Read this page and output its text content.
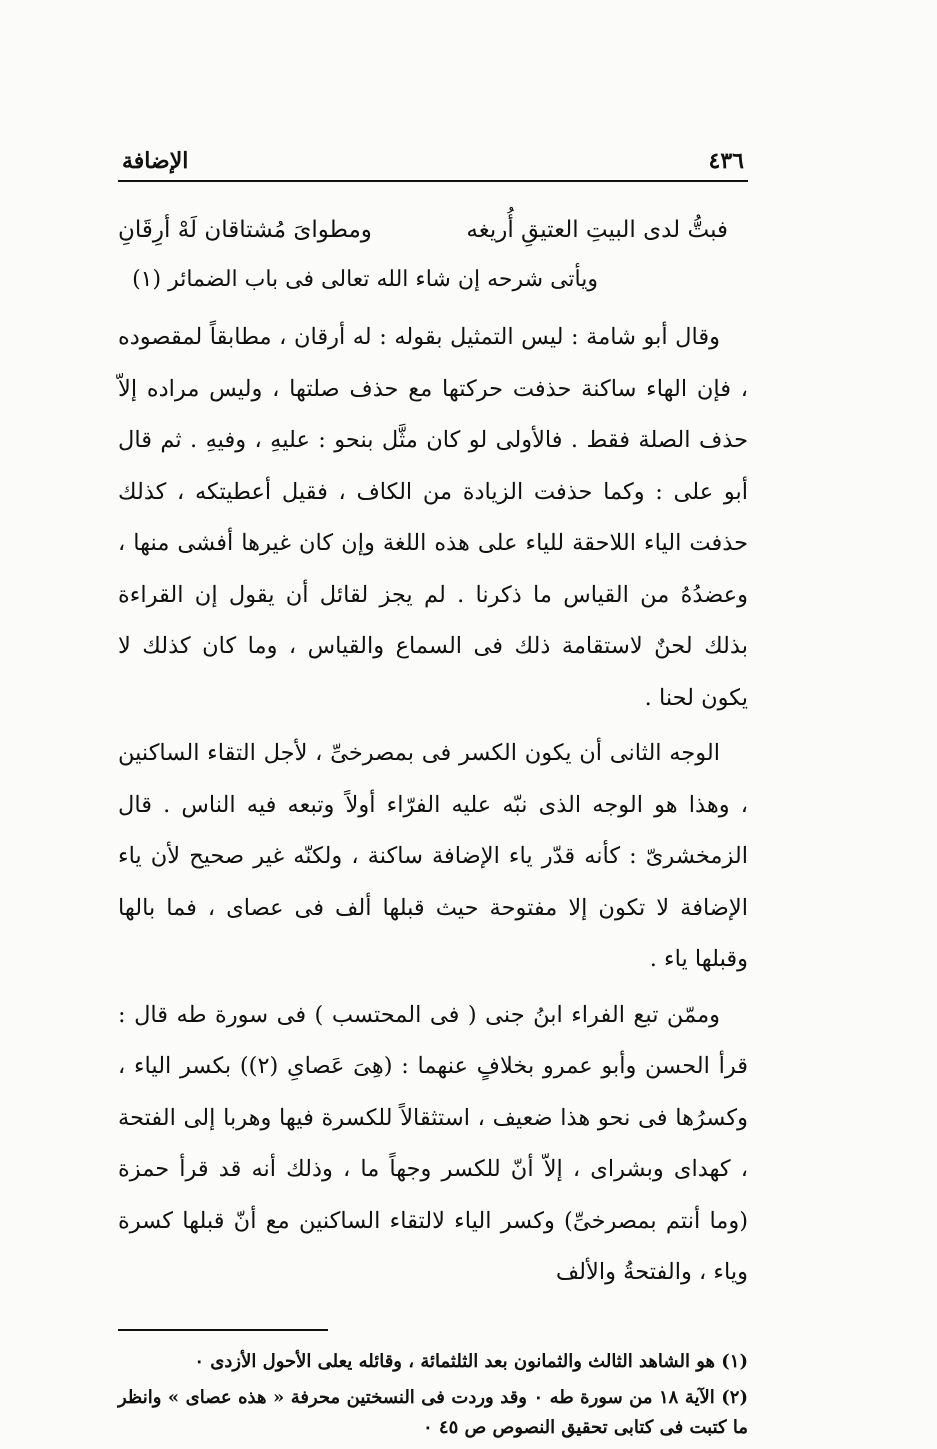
٤٣٦
الإضافة
فبتُّ لدى البيتِ العتيقِ أُريغه
ومطواىَ مُشتاقان لَهْ أرِقَانِ
ويأتى شرحه إن شاء الله تعالى فى باب الضمائر (١)

وقال أبو شامة : ليس التمثيل بقوله : له أرقان ، مطابقاً لمقصوده ، فإن الهاء ساكنة حذفت حركتها مع حذف صلتها ، وليس مراده إلاّ حذف الصلة فقط . فالأولى لو كان مثَّل بنحو : عليهِ ، وفيهِ . ثم قال أبو على : وكما حذفت الزيادة من الكاف ، فقيل أعطيتكه ، كذلك حذفت الياء اللاحقة للياء على هذه اللغة وإن كان غيرها أفشى منها ، وعضدُهُ من القياس ما ذكرنا . لم يجز لقائل أن يقول إن القراءة بذلك لحنٌ لاستقامة ذلك فى السماع والقياس ، وما كان كذلك لا يكون لحنا .

الوجه الثانى أن يكون الكسر فى بمصرخىِّ ، لأجل التقاء الساكنين ، وهذا هو الوجه الذى نبّه عليه الفرّاء أولاً وتبعه فيه الناس . قال الزمخشرىّ : كأنه قدّر ياء الإضافة ساكنة ، ولكنّه غير صحيح لأن ياء الإضافة لا تكون إلا مفتوحة حيث قبلها ألف فى عصاى ، فما بالها وقبلها ياء .

وممّن تبع الفراء ابنُ جنى ( فى المحتسب ) فى سورة طه قال : قرأ الحسن وأبو عمرو بخلافٍ عنهما : (هِىَ عَصاىِ (٢)) بكسر الياء ، وكسرُها فى نحو هذا ضعيف ، استثقالاً للكسرة فيها وهربا إلى الفتحة ، كهداى وبشراى ، إلاّ أنّ للكسر وجهاً ما ، وذلك أنه قد قرأ حمزة (وما أنتم بمصرخىِّ) وكسر الياء لالتقاء الساكنين مع أنّ قبلها كسرة وياء ، والفتحةُ والألف

(١) هو الشاهد الثالث والثمانون بعد الثلثمائة ، وقائله يعلى الأحول الأزدى ٠
(٢) الآية ١٨ من سورة طه ٠ وقد وردت فى النسختين محرفة « هذه عصاى » وانظر ما كتبت فى كتابى تحقيق النصوص ص ٤٥ ٠
